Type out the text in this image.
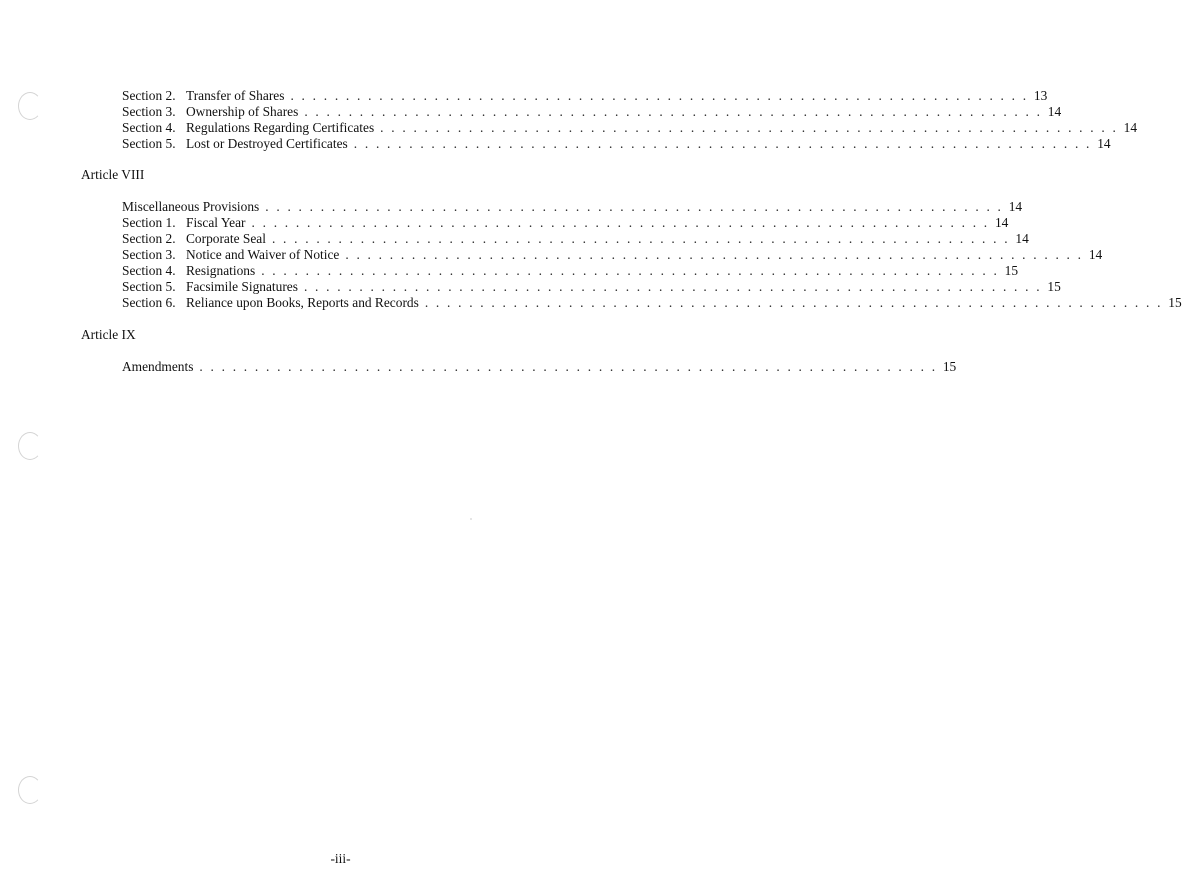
Section 2. Transfer of Shares . . . . . . . . . . . . . . . . . . . . . . . . . . . . . . . . . . . . . . . . . . . . . . . . . . . . . . . . . . . . . . . . . . . 13
Section 3. Ownership of Shares . . . . . . . . . . . . . . . . . . . . . . . . . . . . . . . . . . . . . . . . . . . . . . . . . . . . . . . . . . . . . . . . . . . 14
Section 4. Regulations Regarding Certificates . . . . . . . . . . . . . . . . . . . . . . . . . . . . . . . . . . . . . . . . . . . . . . . . . . . . . . . . . . . . . . . . . . . 14
Section 5. Lost or Destroyed Certificates . . . . . . . . . . . . . . . . . . . . . . . . . . . . . . . . . . . . . . . . . . . . . . . . . . . . . . . . . . . . . . . . . . . 14
Article VIII
Miscellaneous Provisions . . . . . . . . . . . . . . . . . . . . . . . . . . . . . . . . . . . . . . . . . . . . . . . . . . . . . . . . . . . . . . . . . . . 14
Section 1. Fiscal Year . . . . . . . . . . . . . . . . . . . . . . . . . . . . . . . . . . . . . . . . . . . . . . . . . . . . . . . . . . . . . . . . . . . 14
Section 2. Corporate Seal . . . . . . . . . . . . . . . . . . . . . . . . . . . . . . . . . . . . . . . . . . . . . . . . . . . . . . . . . . . . . . . . . . . 14
Section 3. Notice and Waiver of Notice . . . . . . . . . . . . . . . . . . . . . . . . . . . . . . . . . . . . . . . . . . . . . . . . . . . . . . . . . . . . . . . . . . . 14
Section 4. Resignations . . . . . . . . . . . . . . . . . . . . . . . . . . . . . . . . . . . . . . . . . . . . . . . . . . . . . . . . . . . . . . . . . . . 15
Section 5. Facsimile Signatures . . . . . . . . . . . . . . . . . . . . . . . . . . . . . . . . . . . . . . . . . . . . . . . . . . . . . . . . . . . . . . . . . . . 15
Section 6. Reliance upon Books, Reports and Records . . . . . . . . . . . . . . . . . . . . . . . . . . . . . . . . . . . . . . . . . . . . . . . . . . . . . . . . . . . . . . . . . . . 15
Article IX
Amendments . . . . . . . . . . . . . . . . . . . . . . . . . . . . . . . . . . . . . . . . . . . . . . . . . . . . . . . . . . . . . . . . . . . 15
-iii-
